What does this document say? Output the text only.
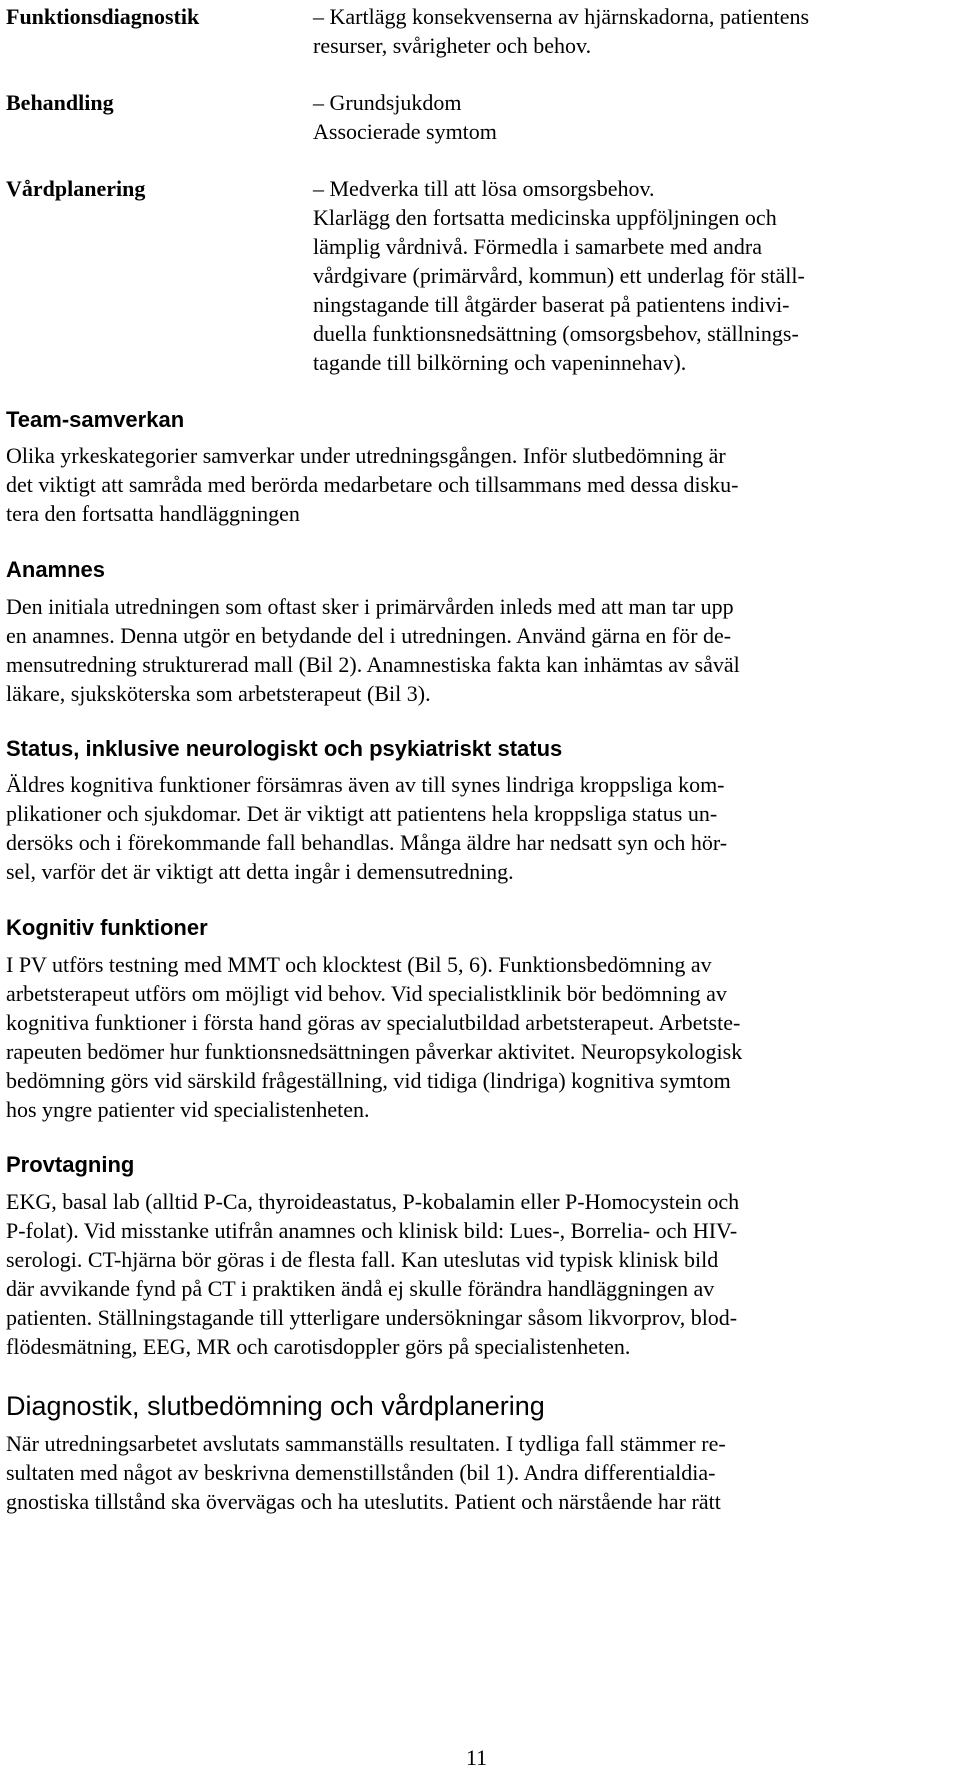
Funktionsdiagnostik	– Kartlägg konsekvenserna av hjärnskadorna, patientens
resurser, svårigheter och behov.
Behandling	– Grundsjukdom
Associerade symtom
Vårdplanering	– Medverka till att lösa omsorgsbehov.
Klarlägg den fortsatta medicinska uppföljningen och
lämplig vårdnivå. Förmedla i samarbete med andra
vårdgivare (primärvård, kommun) ett underlag för ställ-
ningstagande till åtgärder baserat på patientens indivi-
duella funktionsnedsättning (omsorgsbehov, ställnings-
tagande till bilkörning och vapeninnehav).
Team-samverkan
Olika yrkeskategorier samverkar under utredningsgången. Inför slutbedömning är
det viktigt att samråda med berörda medarbetare och tillsammans med dessa disku-
tera den fortsatta handläggningen
Anamnes
Den initiala utredningen som oftast sker i primärvården inleds med att man tar upp
en anamnes. Denna utgör en betydande del i utredningen. Använd gärna en för de-
mensutredning strukturerad mall (Bil 2). Anamnestiska fakta kan inhämtas av såväl
läkare, sjuksköterska som arbetsterapeut (Bil 3).
Status, inklusive neurologiskt och psykiatriskt status
Äldres kognitiva funktioner försämras även av till synes lindriga kroppsliga kom-
plikationer och sjukdomar. Det är viktigt att patientens hela kroppsliga status un-
dersöks och i förekommande fall behandlas. Många äldre har nedsatt syn och hör-
sel, varför det är viktigt att detta ingår i demensutredning.
Kognitiv funktioner
I PV utförs testning med MMT och klocktest (Bil 5, 6). Funktionsbedömning av
arbetsterapeut utförs om möjligt vid behov. Vid specialistklinik bör bedömning av
kognitiva funktioner i första hand göras av specialutbildad arbetsterapeut. Arbetste-
rapeuten bedömer hur funktionsnedsättningen påverkar aktivitet. Neuropsykologisk
bedömning görs vid särskild frågeställning, vid tidiga (lindriga) kognitiva symtom
hos yngre patienter vid specialistenheten.
Provtagning
EKG, basal lab (alltid P-Ca, thyroideastatus, P-kobalamin eller P-Homocystein och
P-folat). Vid misstanke utifrån anamnes och klinisk bild: Lues-, Borrelia- och HIV-
serologi. CT-hjärna bör göras i de flesta fall. Kan uteslutas vid typisk klinisk bild
där avvikande fynd på CT i praktiken ändå ej skulle förändra handläggningen av
patienten. Ställningstagande till ytterligare undersökningar såsom likvorprov, blod-
flödesmätning, EEG, MR och carotisdoppler görs på specialistenheten.
Diagnostik, slutbedömning och vårdplanering
När utredningsarbetet avslutats sammanställs resultaten. I tydliga fall stämmer re-
sultaten med något av beskrivna demenstillstånden (bil 1). Andra differentialdia-
gnostiska tillstånd ska övervägas och ha uteslutits. Patient och närstående har rätt
11
